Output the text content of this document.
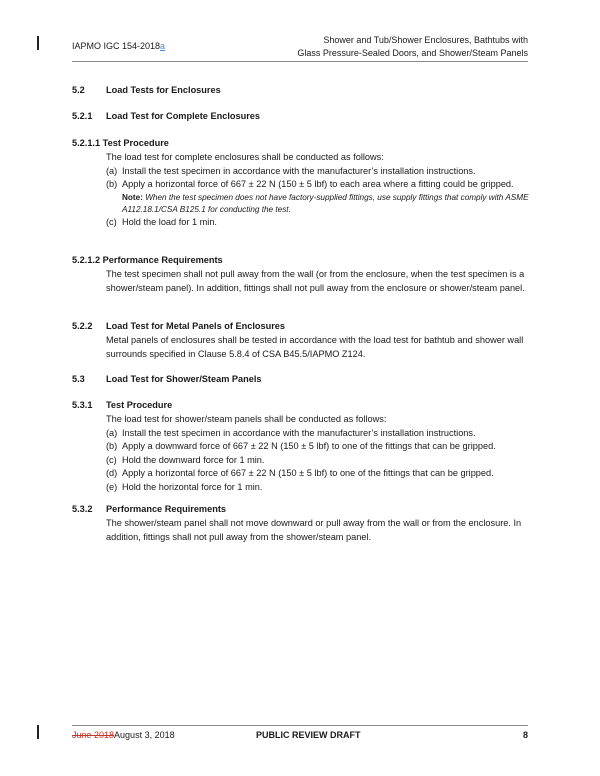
IAPMO IGC 154-2018a
Shower and Tub/Shower Enclosures, Bathtubs with
Glass Pressure-Sealed Doors, and Shower/Steam Panels
5.2 Load Tests for Enclosures
5.2.1 Load Test for Complete Enclosures
5.2.1.1 Test Procedure
The load test for complete enclosures shall be conducted as follows:
(a) Install the test specimen in accordance with the manufacturer’s installation instructions.
(b) Apply a horizontal force of 667 ± 22 N (150 ± 5 lbf) to each area where a fitting could be gripped.
Note: When the test specimen does not have factory-supplied fittings, use supply fittings that comply with ASME A112.18.1/CSA B125.1 for conducting the test.
(c) Hold the load for 1 min.
5.2.1.2 Performance Requirements
The test specimen shall not pull away from the wall (or from the enclosure, when the test specimen is a shower/steam panel). In addition, fittings shall not pull away from the enclosure or shower/steam panel.
5.2.2 Load Test for Metal Panels of Enclosures
Metal panels of enclosures shall be tested in accordance with the load test for bathtub and shower wall surrounds specified in Clause 5.8.4 of CSA B45.5/IAPMO Z124.
5.3 Load Test for Shower/Steam Panels
5.3.1 Test Procedure
The load test for shower/steam panels shall be conducted as follows:
(a) Install the test specimen in accordance with the manufacturer’s installation instructions.
(b) Apply a downward force of 667 ± 22 N (150 ± 5 lbf) to one of the fittings that can be gripped.
(c) Hold the downward force for 1 min.
(d) Apply a horizontal force of 667 ± 22 N (150 ± 5 lbf) to one of the fittings that can be gripped.
(e) Hold the horizontal force for 1 min.
5.3.2 Performance Requirements
The shower/steam panel shall not move downward or pull away from the wall or from the enclosure. In addition, fittings shall not pull away from the shower/steam panel.
June 2018August 3, 2018	PUBLIC REVIEW DRAFT	8
